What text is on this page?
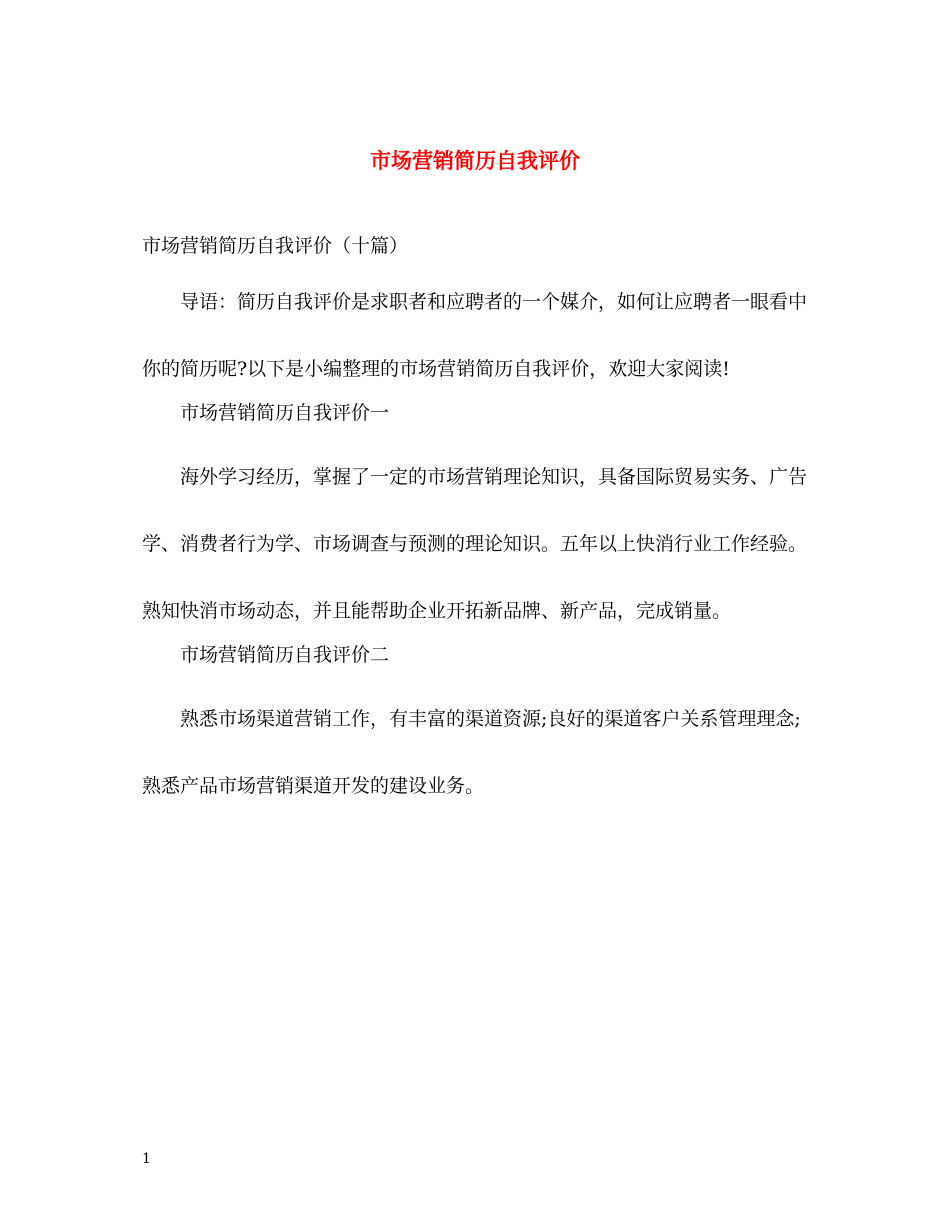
市场营销简历自我评价

市场营销简历自我评价（十篇）

导语：简历自我评价是求职者和应聘者的一个媒介，如何让应聘者一眼看中你的简历呢?以下是小编整理的市场营销简历自我评价，欢迎大家阅读!

市场营销简历自我评价一

海外学习经历，掌握了一定的市场营销理论知识，具备国际贸易实务、广告学、消费者行为学、市场调查与预测的理论知识。五年以上快消行业工作经验。熟知快消市场动态，并且能帮助企业开拓新品牌、新产品，完成销量。

市场营销简历自我评价二

熟悉市场渠道营销工作，有丰富的渠道资源;良好的渠道客户关系管理理念;熟悉产品市场营销渠道开发的建设业务。

1
